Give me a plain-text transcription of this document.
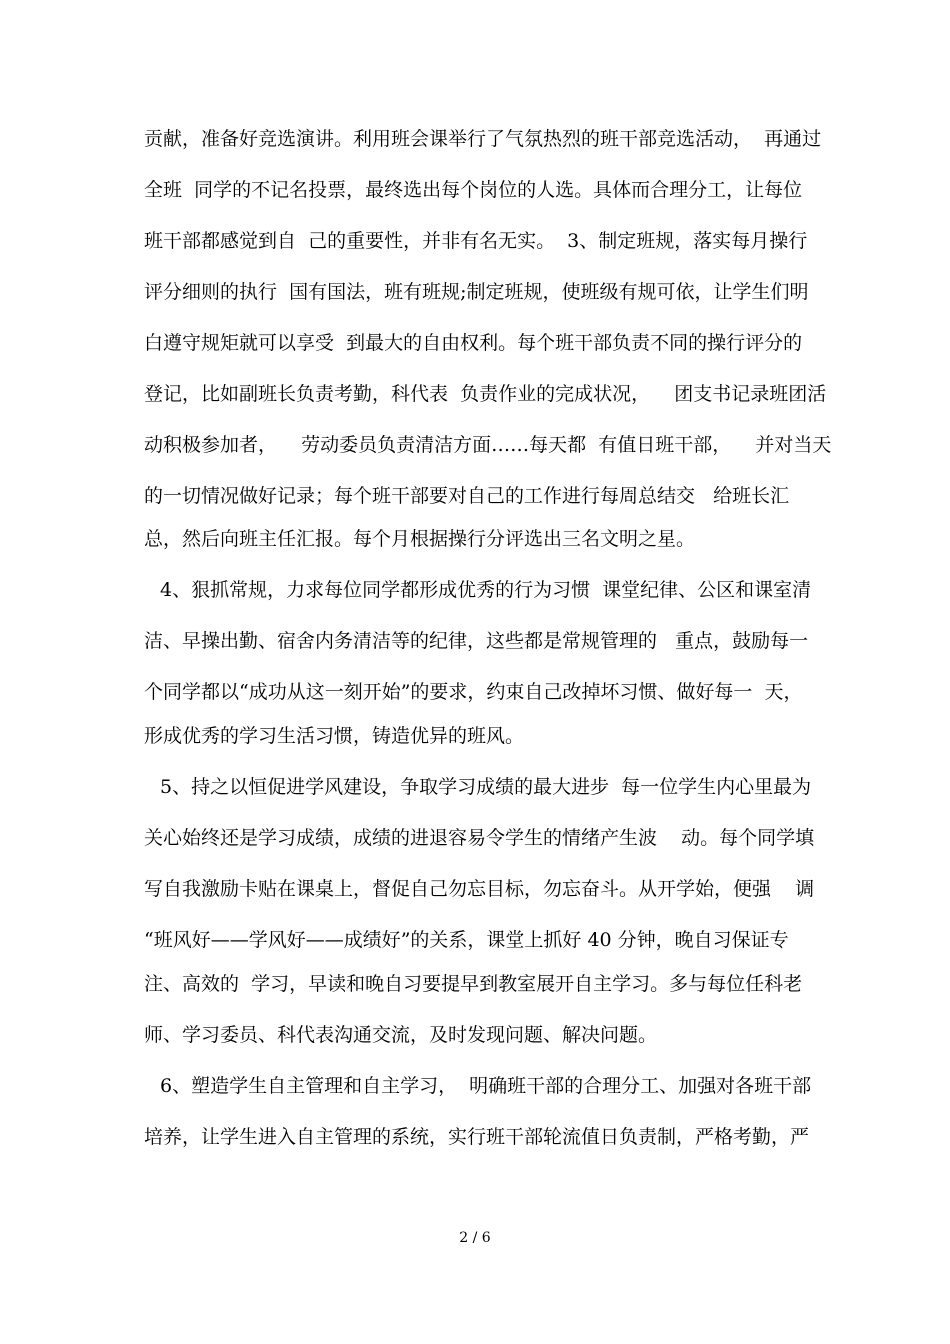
贡献，准备好竞选演讲。利用班会课举行了气氛热烈的班干部竞选活动，  再通过
全班  同学的不记名投票，最终选出每个岗位的人选。具体而合理分工，让每位
班干部都感觉到自  己的重要性，并非有名无实。  3、制定班规，落实每月操行
评分细则的执行  国有国法，班有班规;制定班规，使班级有规可依，让学生们明
白遵守规矩就可以享受  到最大的自由权利。每个班干部负责不同的操行评分的
登记，比如副班长负责考勤，科代表  负责作业的完成状况，    团支书记录班团活
动积极参加者，    劳动委员负责清洁方面……每天都  有值日班干部，    并对当天
的一切情况做好记录；每个班干部要对自己的工作进行每周总结交   给班长汇
总，然后向班主任汇报。每个月根据操行分评选出三名文明之星。
4、狠抓常规，力求每位同学都形成优秀的行为习惯  课堂纪律、公区和课室清
洁、早操出勤、宿舍内务清洁等的纪律，这些都是常规管理的   重点，鼓励每一
个同学都以“成功从这一刻开始”的要求，约束自己改掉坏习惯、做好每一  天，
形成优秀的学习生活习惯，铸造优异的班风。
5、持之以恒促进学风建设，争取学习成绩的最大进步  每一位学生内心里最为
关心始终还是学习成绩，成绩的进退容易令学生的情绪产生波    动。每个同学填
写自我激励卡贴在课桌上，督促自己勿忘目标，勿忘奋斗。从开学始，便强    调
“班风好——学风好——成绩好”的关系，课堂上抓好 40 分钟，晚自习保证专
注、高效的  学习，早读和晚自习要提早到教室展开自主学习。多与每位任科老
师、学习委员、科代表沟通交流，及时发现问题、解决问题。
6、塑造学生自主管理和自主学习，  明确班干部的合理分工、加强对各班干部
培养，让学生进入自主管理的系统，实行班干部轮流值日负责制，严格考勤，严
2 / 6
